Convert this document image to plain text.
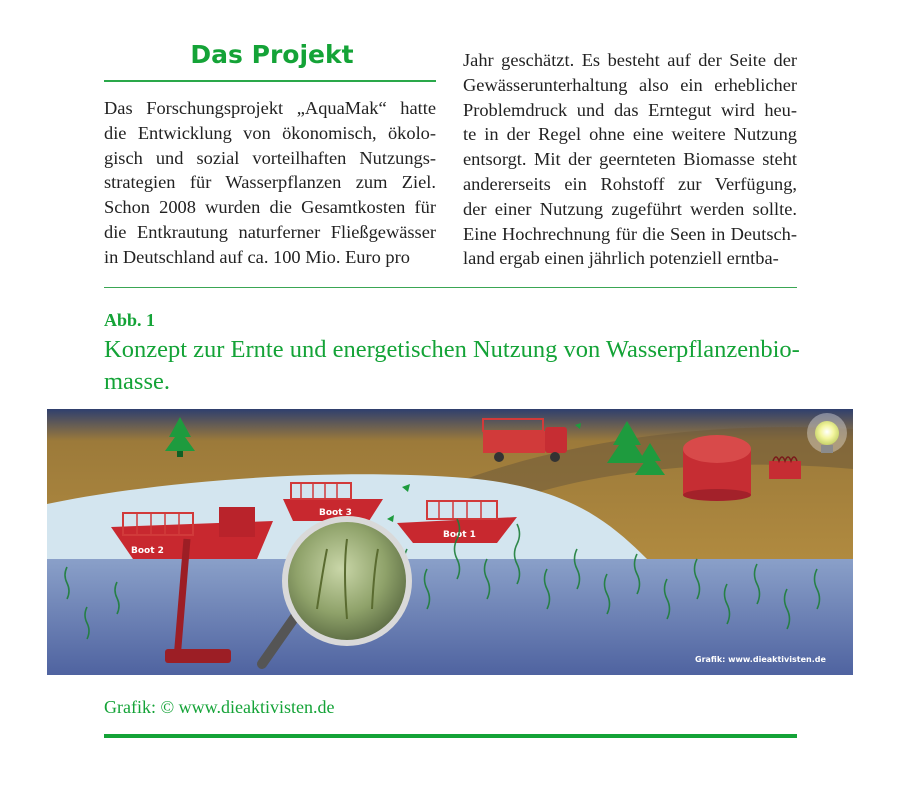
Das Projekt
Das Forschungsprojekt „AquaMak“ hatte
die Entwicklung von ökonomisch, ökolo-
gisch und sozial vorteilhaften Nutzungs-
strategien für Wasserpflanzen zum Ziel.
Schon 2008 wurden die Gesamtkosten für
die Entkrautung naturferner Fließgewässer
in Deutschland auf ca. 100 Mio. Euro pro
Jahr geschätzt. Es besteht auf der Seite der
Gewässerunterhaltung also ein erheblicher
Problemdruck und das Erntegut wird heu-
te in der Regel ohne eine weitere Nutzung
entsorgt. Mit der geernteten Biomasse steht
andererseits ein Rohstoff zur Verfügung,
der einer Nutzung zugeführt werden sollte.
Eine Hochrechnung für die Seen in Deutsch-
land ergab einen jährlich potenziell erntba-
Abb. 1
Konzept zur Ernte und energetischen Nutzung von Wasserpflanzenbio-
masse.
Boot 3
Boot 1
Boot 2
Grafik: www.dieaktivisten.de
Grafik: © www.dieaktivisten.de
